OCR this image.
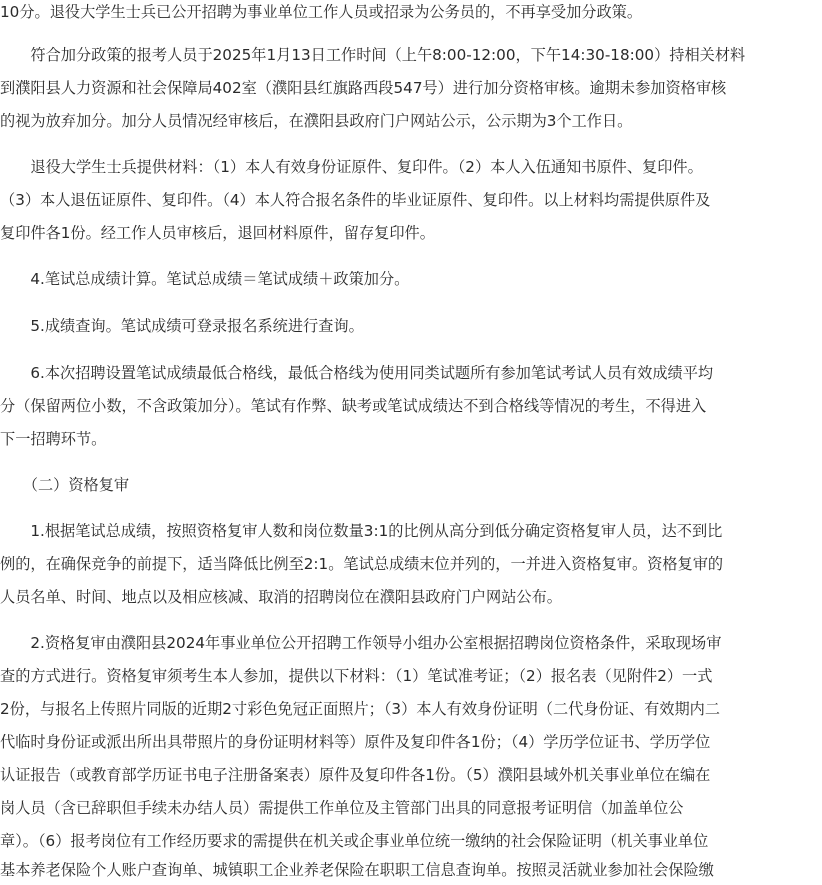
10分。退役大学生士兵已公开招聘为事业单位工作人员或招录为公务员的，不再享受加分政策。

　　符合加分政策的报考人员于2025年1月13日工作时间（上午8:00-12:00，下午14:30-18:00）持相关材料

到濮阳县人力资源和社会保障局402室（濮阳县红旗路西段547号）进行加分资格审核。逾期未参加资格审核

的视为放弃加分。加分人员情况经审核后，在濮阳县政府门户网站公示，公示期为3个工作日。

　　退役大学生士兵提供材料：（1）本人有效身份证原件、复印件。（2）本人入伍通知书原件、复印件。

（3）本人退伍证原件、复印件。（4）本人符合报名条件的毕业证原件、复印件。以上材料均需提供原件及

复印件各1份。经工作人员审核后，退回材料原件，留存复印件。

　　4.笔试总成绩计算。笔试总成绩＝笔试成绩＋政策加分。

　　5.成绩查询。笔试成绩可登录报名系统进行查询。

　　6.本次招聘设置笔试成绩最低合格线，最低合格线为使用同类试题所有参加笔试考试人员有效成绩平均

分（保留两位小数，不含政策加分）。笔试有作弊、缺考或笔试成绩达不到合格线等情况的考生，不得进入

下一招聘环节。

　　（二）资格复审

　　1.根据笔试总成绩，按照资格复审人数和岗位数量3:1的比例从高分到低分确定资格复审人员，达不到比

例的，在确保竞争的前提下，适当降低比例至2:1。笔试总成绩末位并列的，一并进入资格复审。资格复审的

人员名单、时间、地点以及相应核减、取消的招聘岗位在濮阳县政府门户网站公布。

　　2.资格复审由濮阳县2024年事业单位公开招聘工作领导小组办公室根据招聘岗位资格条件，采取现场审

查的方式进行。资格复审须考生本人参加，提供以下材料：（1）笔试准考证；（2）报名表（见附件2）一式

2份，与报名上传照片同版的近期2寸彩色免冠正面照片；（3）本人有效身份证明（二代身份证、有效期内二

代临时身份证或派出所出具带照片的身份证明材料等）原件及复印件各1份；（4）学历学位证书、学历学位

认证报告（或教育部学历证书电子注册备案表）原件及复印件各1份。（5）濮阳县域外机关事业单位在编在

岗人员（含已辞职但手续未办结人员）需提供工作单位及主管部门出具的同意报考证明信（加盖单位公

章）。（6）报考岗位有工作经历要求的需提供在机关或企事业单位统一缴纳的社会保险证明（机关事业单位

基本养老保险个人账户查询单、城镇职工企业养老保险在职职工信息查询单。按照灵活就业参加社会保险缴
